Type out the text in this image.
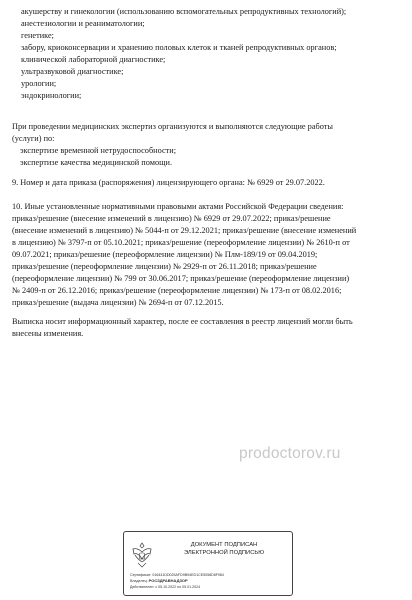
акушерству и гинекологии (использованию вспомогательных репродуктивных технологий);
анестезиологии и реаниматологии;
генетике;
забору, криоконсервации и хранению половых клеток и тканей репродуктивных органов;
клинической лабораторной диагностике;
ультразвуковой диагностике;
урологии;
эндокринологии;
При проведении медицинских экспертиз организуются и выполняются следующие работы
(услуги) по:
экспертизе временной нетрудоспособности;
экспертизе качества медицинской помощи.
9. Номер и дата приказа (распоряжения) лицензирующего органа: № 6929 от 29.07.2022.
10. Иные установленные нормативными правовыми актами Российской Федерации сведения:
приказ/решение (внесение изменений в лицензию) № 6929 от 29.07.2022; приказ/решение
(внесение изменений в лицензию) № 5044-п от 29.12.2021; приказ/решение (внесение изменений
в лицензию) № 3797-п от 05.10.2021; приказ/решение (переоформление лицензии) № 2610-п от
09.07.2021; приказ/решение (переоформление лицензии) № Плм-189/19 от 09.04.2019;
приказ/решение (переоформление лицензии) № 2929-п от 26.11.2018; приказ/решение
(переоформление лицензии) № 799 от 30.06.2017; приказ/решение (переоформление лицензии)
№ 2409-п от 26.12.2016; приказ/решение (переоформление лицензии) № 173-п от 08.02.2016;
приказ/решение (выдача лицензии) № 2694-п от 07.12.2015.
Выписка носит информационный характер, после ее составления в реестр лицензий могли быть
внесены изменения.
prodoctorov.ru
ДОКУМЕНТ ПОДПИСАН
ЭЛЕКТРОННОЙ ПОДПИСЬЮ
Сертификат: 016441DD025AFD9B94ED1CE5058D8F984
Владелец: РОСЗДРАВНАДЗОР
Действителен: с 05.10.2022 по 05.01.2024
